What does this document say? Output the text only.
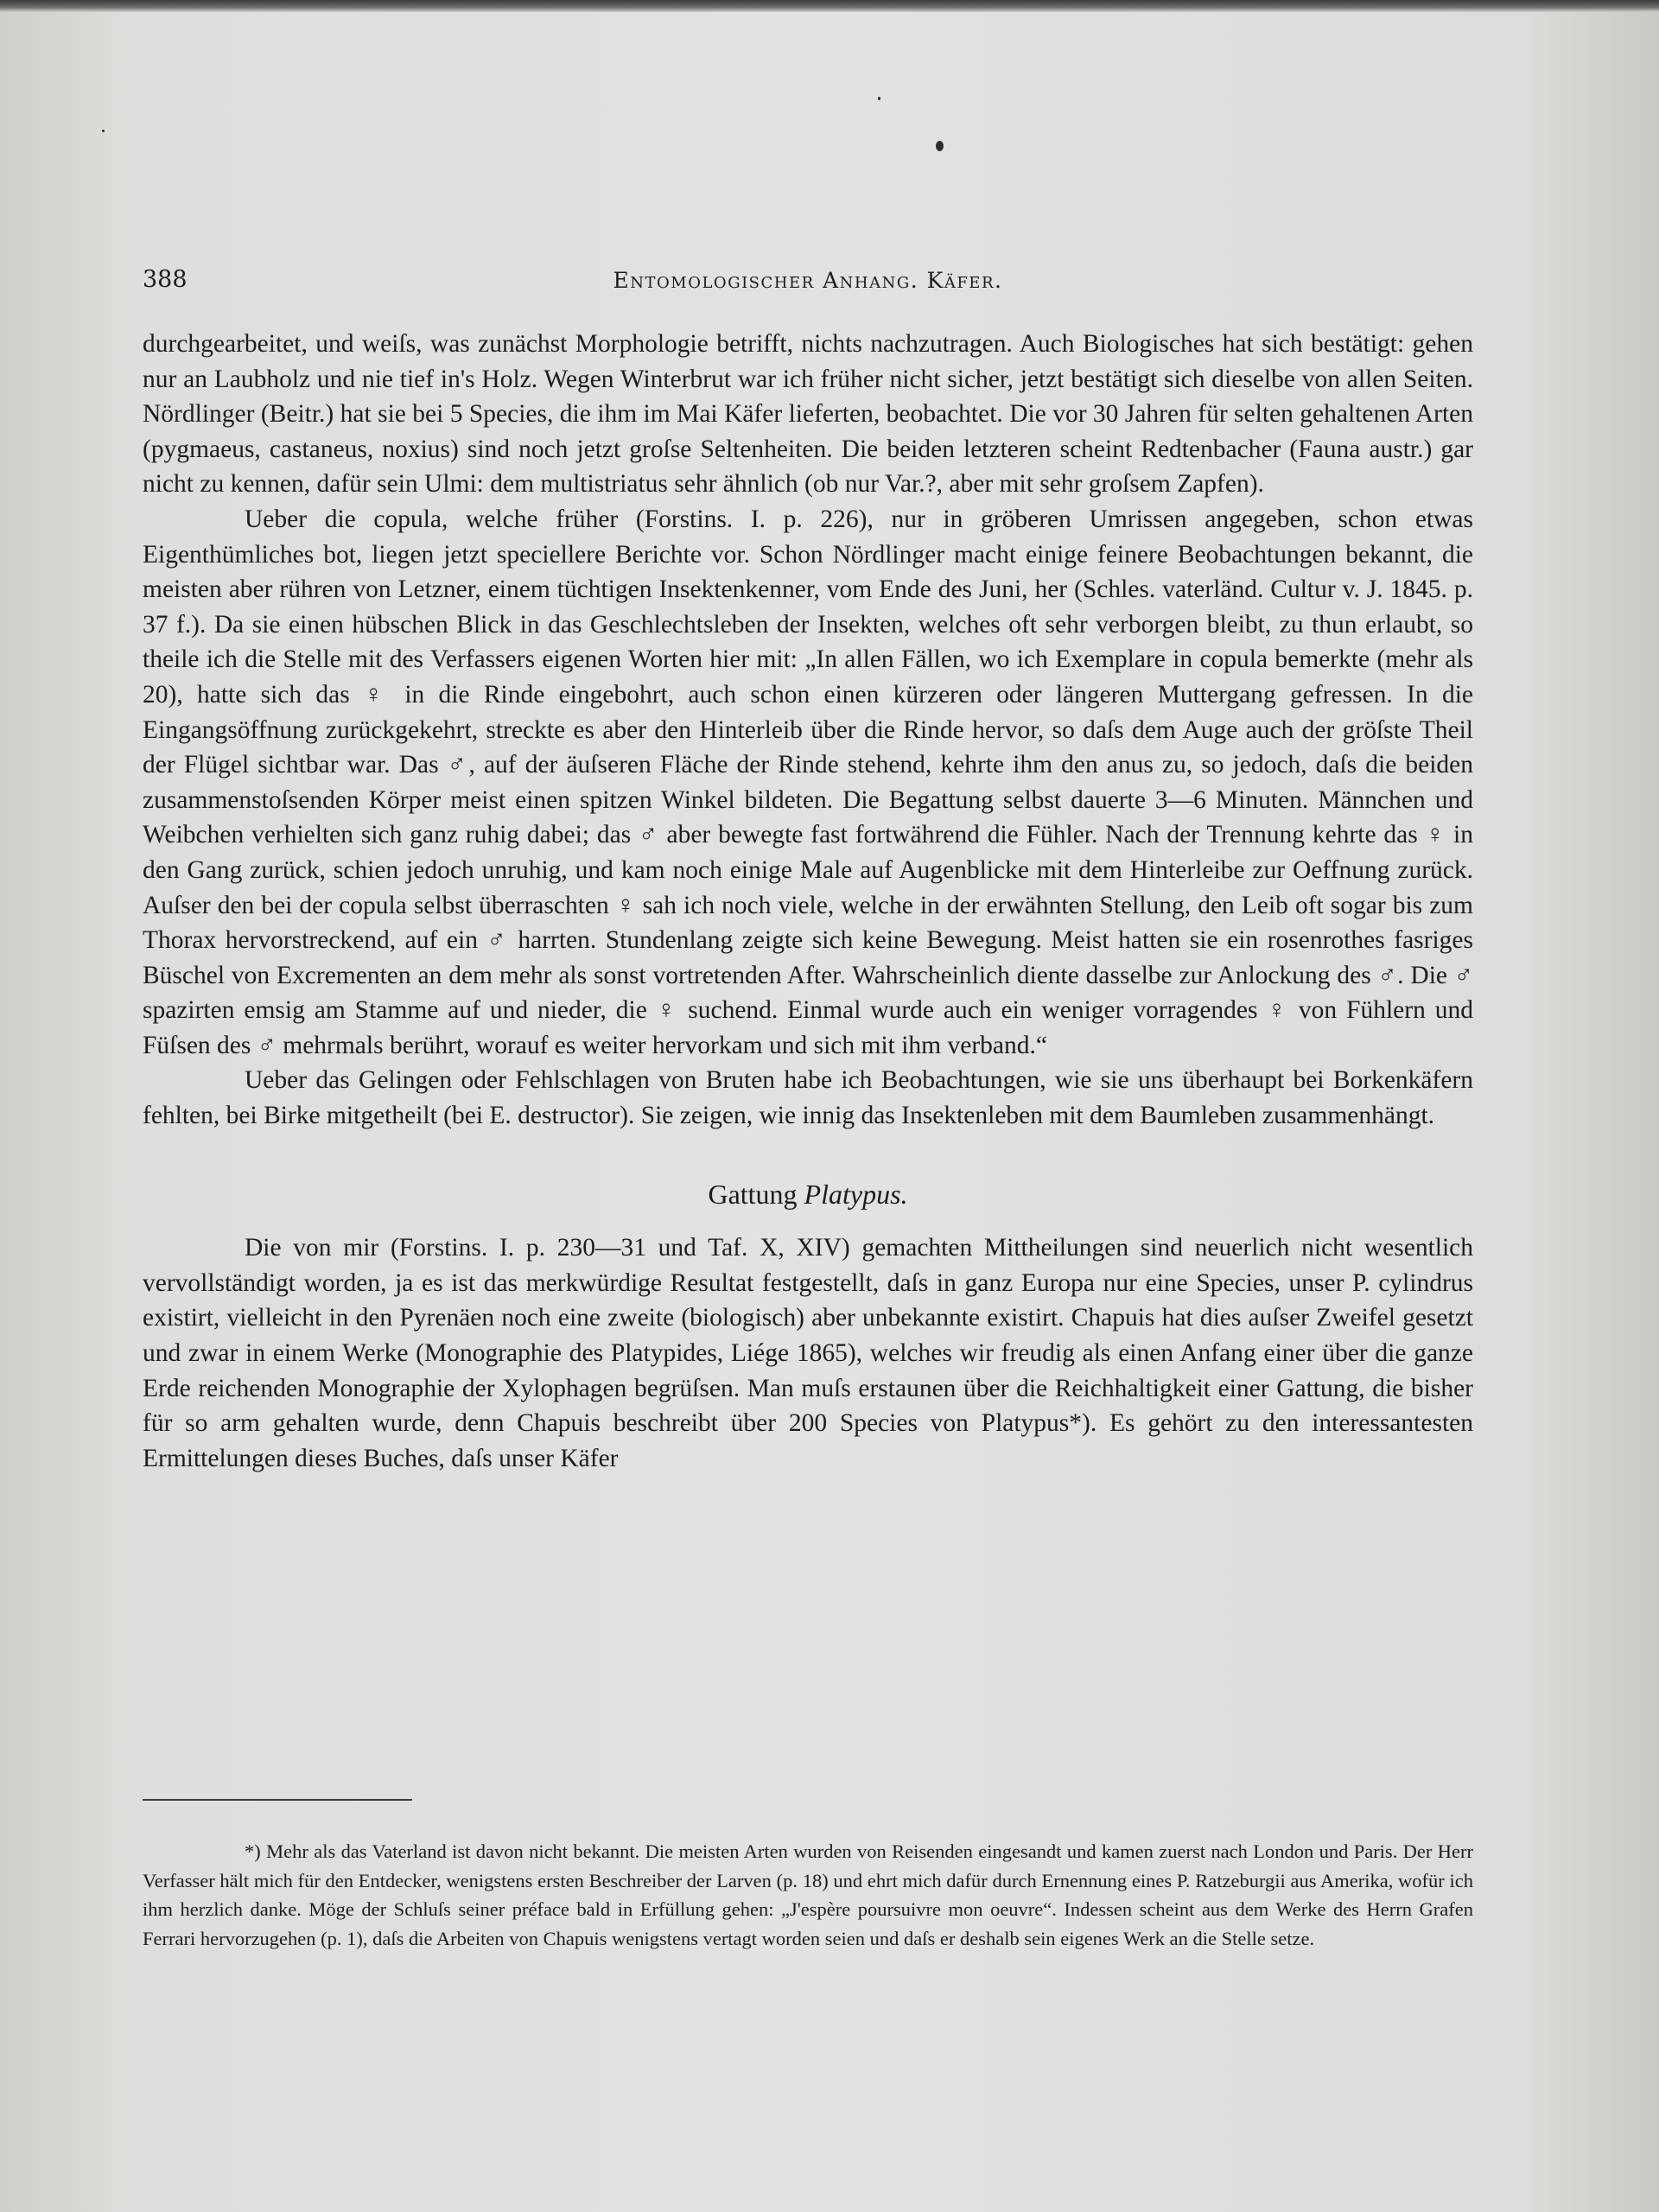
388	Entomologischer Anhang. Käfer.

durchgearbeitet, und weiſs, was zunächst Morphologie betrifft, nichts nachzutragen. Auch Biologisches hat sich bestätigt: gehen nur an Laubholz und nie tief in's Holz. Wegen Winterbrut war ich früher nicht sicher, jetzt bestätigt sich dieselbe von allen Seiten. Nördlinger (Beitr.) hat sie bei 5 Species, die ihm im Mai Käfer lieferten, beobachtet. Die vor 30 Jahren für selten gehaltenen Arten (pygmaeus, castaneus, noxius) sind noch jetzt groſse Seltenheiten. Die beiden letzteren scheint Redtenbacher (Fauna austr.) gar nicht zu kennen, dafür sein Ulmi: dem multistriatus sehr ähnlich (ob nur Var.?, aber mit sehr groſsem Zapfen).

Ueber die copula, welche früher (Forstins. I. p. 226), nur in gröberen Umrissen angegeben, schon etwas Eigenthümliches bot, liegen jetzt speciellere Berichte vor. Schon Nördlinger macht einige feinere Beobachtungen bekannt, die meisten aber rühren von Letzner, einem tüchtigen Insektenkenner, vom Ende des Juni, her (Schles. vaterländ. Cultur v. J. 1845. p. 37 f.). Da sie einen hübschen Blick in das Geschlechtsleben der Insekten, welches oft sehr verborgen bleibt, zu thun erlaubt, so theile ich die Stelle mit des Verfassers eigenen Worten hier mit: „In allen Fällen, wo ich Exemplare in copula bemerkte (mehr als 20), hatte sich das ♀ in die Rinde eingebohrt, auch schon einen kürzeren oder längeren Muttergang gefressen. In die Eingangsöffnung zurückgekehrt, streckte es aber den Hinterleib über die Rinde hervor, so daſs dem Auge auch der gröſste Theil der Flügel sichtbar war. Das ♂, auf der äuſseren Fläche der Rinde stehend, kehrte ihm den anus zu, so jedoch, daſs die beiden zusammenstoſsenden Körper meist einen spitzen Winkel bildeten. Die Begattung selbst dauerte 3—6 Minuten. Männchen und Weibchen verhielten sich ganz ruhig dabei; das ♂ aber bewegte fast fortwährend die Fühler. Nach der Trennung kehrte das ♀ in den Gang zurück, schien jedoch unruhig, und kam noch einige Male auf Augenblicke mit dem Hinterleibe zur Oeffnung zurück. Auſser den bei der copula selbst überraschten ♀ sah ich noch viele, welche in der erwähnten Stellung, den Leib oft sogar bis zum Thorax hervorstreckend, auf ein ♂ harrten. Stundenlang zeigte sich keine Bewegung. Meist hatten sie ein rosenrothes fasriges Büschel von Excrementen an dem mehr als sonst vortretenden After. Wahrscheinlich diente dasselbe zur Anlockung des ♂. Die ♂ spazirten emsig am Stamme auf und nieder, die ♀ suchend. Einmal wurde auch ein weniger vorragendes ♀ von Fühlern und Füſsen des ♂ mehrmals berührt, worauf es weiter hervorkam und sich mit ihm verband.“

Ueber das Gelingen oder Fehlschlagen von Bruten habe ich Beobachtungen, wie sie uns überhaupt bei Borkenkäfern fehlten, bei Birke mitgetheilt (bei E. destructor). Sie zeigen, wie innig das Insektenleben mit dem Baumleben zusammenhängt.

Gattung Platypus.

Die von mir (Forstins. I. p. 230—31 und Taf. X, XIV) gemachten Mittheilungen sind neuerlich nicht wesentlich vervollständigt worden, ja es ist das merkwürdige Resultat festgestellt, daſs in ganz Europa nur eine Species, unser P. cylindrus existirt, vielleicht in den Pyrenäen noch eine zweite (biologisch) aber unbekannte existirt. Chapuis hat dies auſser Zweifel gesetzt und zwar in einem Werke (Monographie des Platypides, Liége 1865), welches wir freudig als einen Anfang einer über die ganze Erde reichenden Monographie der Xylophagen begrüſsen. Man muſs erstaunen über die Reichhaltigkeit einer Gattung, die bisher für so arm gehalten wurde, denn Chapuis beschreibt über 200 Species von Platypus*). Es gehört zu den interessantesten Ermittelungen dieses Buches, daſs unser Käfer

*) Mehr als das Vaterland ist davon nicht bekannt. Die meisten Arten wurden von Reisenden eingesandt und kamen zuerst nach London und Paris. Der Herr Verfasser hält mich für den Entdecker, wenigstens ersten Beschreiber der Larven (p. 18) und ehrt mich dafür durch Ernennung eines P. Ratzeburgii aus Amerika, wofür ich ihm herzlich danke. Möge der Schluſs seiner préface bald in Erfüllung gehen: „J'espère poursuivre mon oeuvre“. Indessen scheint aus dem Werke des Herrn Grafen Ferrari hervorzugehen (p. 1), daſs die Arbeiten von Chapuis wenigstens vertagt worden seien und daſs er deshalb sein eigenes Werk an die Stelle setze.
